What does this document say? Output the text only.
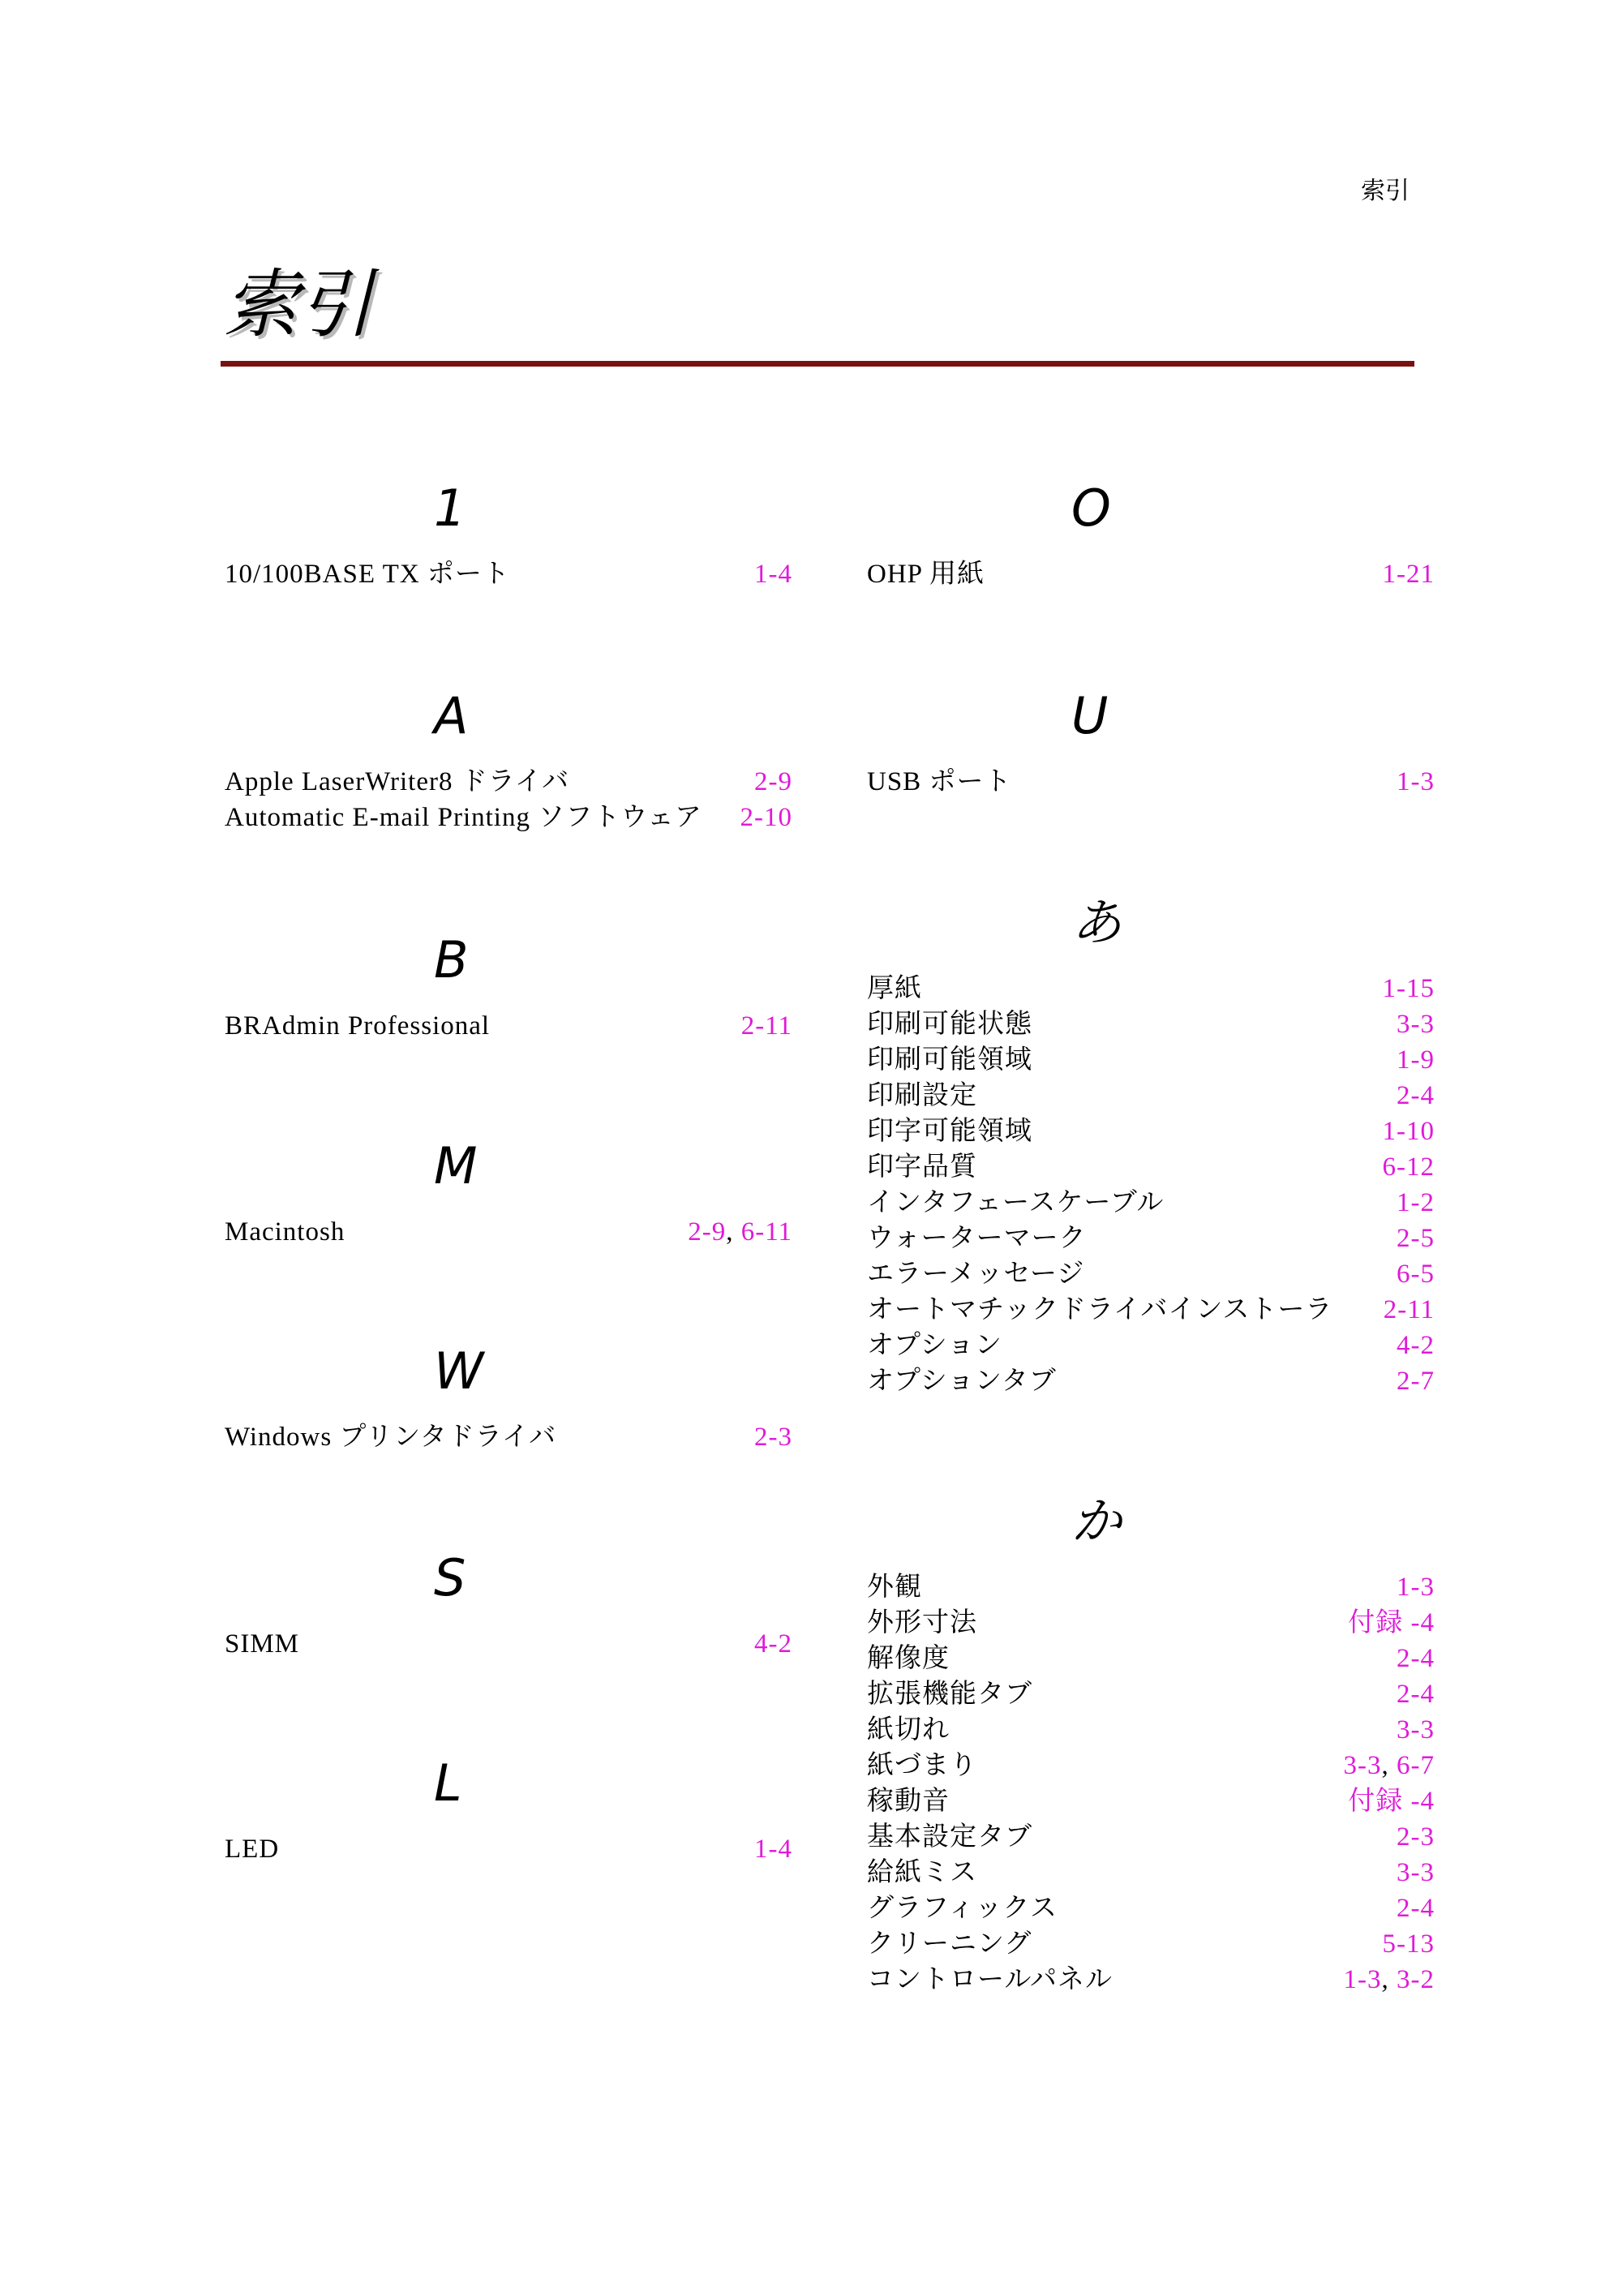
索引
索引
1
10/100BASE TX ポート	1-4
A
Apple LaserWriter8 ドライバ	2-9
Automatic E-mail Printing ソフトウェア 2-10
B
BRAdmin Professional	2-11
M
Macintosh	2-9, 6-11
W
Windows プリンタドライバ	2-3
S
SIMM	4-2
L
LED	1-4
O
OHP 用紙	1-21
U
USB ポート	1-3
あ
厚紙	1-15
印刷可能状態	3-3
印刷可能領域	1-9
印刷設定	2-4
印字可能領域	1-10
印字品質	6-12
インタフェースケーブル	1-2
ウォーターマーク	2-5
エラーメッセージ	6-5
オートマチックドライバインストーラ 2-11
オプション	4-2
オプションタブ	2-7
か
外観	1-3
外形寸法	付録 -4
解像度	2-4
拡張機能タブ	2-4
紙切れ	3-3
紙づまり	3-3, 6-7
稼動音	付録 -4
基本設定タブ	2-3
給紙ミス	3-3
グラフィックス	2-4
クリーニング	5-13
コントロールパネル	1-3, 3-2
